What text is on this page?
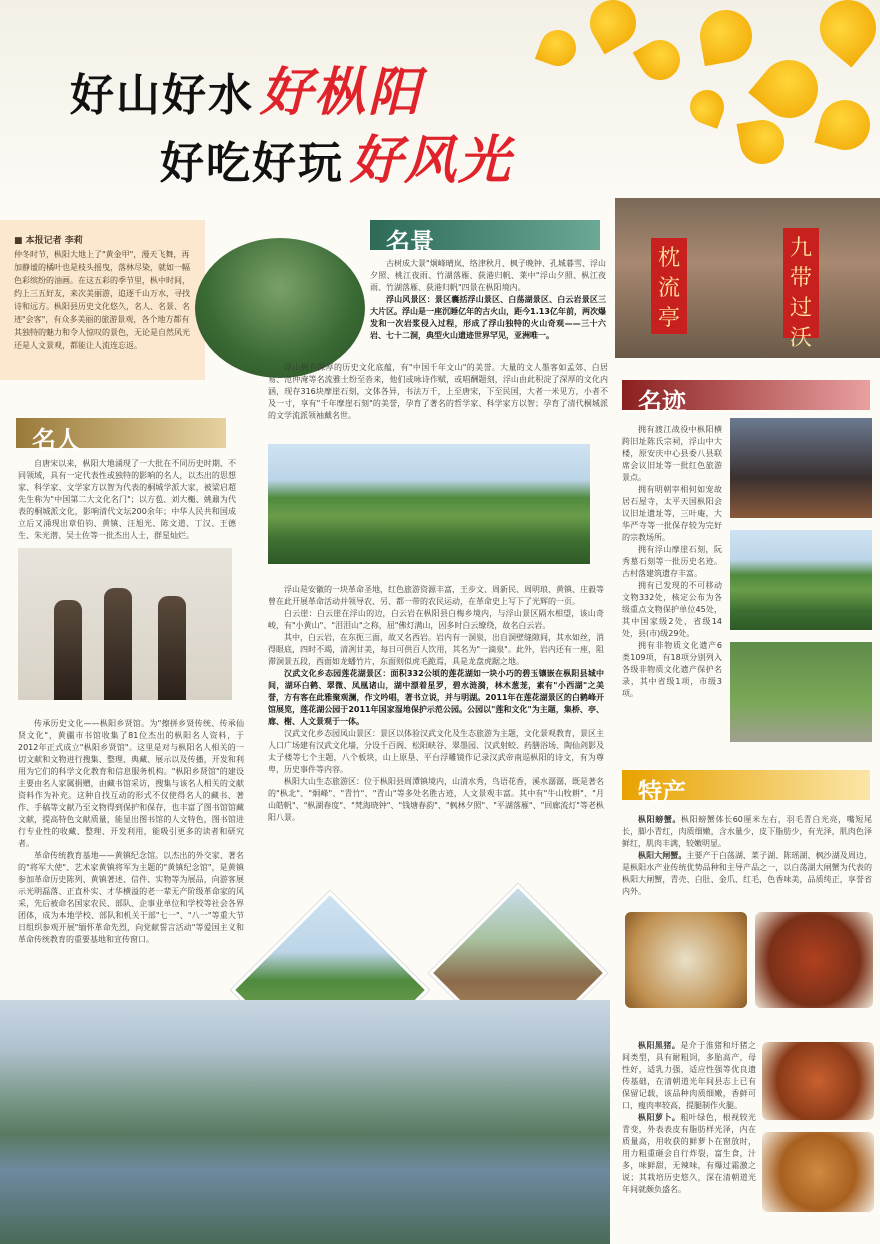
好山好水 好枞阳
好吃好玩 好风光
■ 本报记者 李莉
仲冬时节，枞阳大地上了"黄金甲"，漫天飞舞，再加静谧的橘叶也是枝头摇曳，落林尽染，就如一幅色彩缤纷的油画。在这五彩的季节里，枞中时间，约上三五好友，来次美丽游，追逐千山万水，寻找诗和远方。枞阳县历史文化悠久，名人、名景、名迹"会客"，有众多美丽的旅游景观，各个地方都有其独特的魅力和令人惊叹的景色，无论是自然风光还是人文景观，都能让人流连忘返。
名景

古树成大景"炯峰晴岚、络津秋月、枫子晚钟、孔城暮雪、浮山夕照、桃江夜雨、竹湖落雁、荻港归帆、莱中"浮山夕照、枞江夜雨、竹湖落雁、荻港归帆"四景在枞阳境内。

浮山风景区：景区囊括浮山景区、白荡湖景区、白云岩景区三大片区。浮山是一座沉睡亿年的古火山，距今1.13亿年前，两次爆发和一次岩浆侵入过程，形成了浮山独特的火山奇观——三十六岩、七十二洞，典型火山遗迹世界罕见，亚洲唯一。

浮山拥有深厚的历史文化底蕴，有"中国千年文山"的美誉。大量的文人墨客如孟郊、白居易、范仲淹等名流雅士纷至沓来，他们或咏诗作赋，或唱酬题刻，浮山由此积淀了深厚的文化内涵，现存316块摩崖石刻，文体各异，书法万千，上至唐宋，下至民国，大者一米见方，小者不及一寸，享有"千年摩崖石刻"的美誉，孕育了著名的哲学家、科学家方以智；孕育了清代桐城派的文学流派领袖戴名世。

浮山是安徽的一块革命圣地，红色旅游资源丰富，王步文、周新民、周明琅、黄镇、庄毅等曾在此开展革命活动并领导农、另、都一带的农民运动，在革命史上写下了光辉的一页。

白云崖：白云崖在浮山的边，白云岩在枞阳县白梅乡境内，与浮山景区隔水相望，该山奇峻，有"小黄山"、"泪泪山"之称，屈"佛灯满山，因多时白云缭绕，故名白云岩。

其中，白云岩，在东扼三面，故又名西岩。岩内有一洞泉，出自洞壁缝隙间，其水如丝，消得眼底，四时不竭，清冽甘美，每日可供百人饮用，其名为"一滴泉"。此外，岩内还有一座，阻滞洞景五段，西面如龙蟠竹片，东面则似虎毛跪焉，具是龙盘虎踞之地。

汉武文化乡态园莲花湖景区：面积332公顷的莲花湖如一块小巧的碧玉镶嵌在枞阳县城中间，湖环白鹤、翠微、凤凰诸山，湖中漂着星罗，碧水涟漪，林木葱茏，素有"小西湖"之美誉，方有客在此雅聚观澜，作文吟唱，著书立说，并与明湖。2011年在莲花湖景区的白鹤峰开馆展览，莲花湖公园于2011年国家湿地保护示范公园。公园以"莲和文化"为主题，集桥、亭、廊、榭、人文景观于一体。

汉武文化乡态园凤山景区：景区以体验汉武文化及生态旅游为主题，文化景观教育，景区主人口广场建有汉武文化墙，分设千百阁、松阳峡谷、翠墨园、汉武射蛟、药膳浴场、陶仙剑影及太子楼等七个主题，八个板块，山上原垦、平台浮雕镜作记录汉武帝南巡枞阳的诗文，有为尊卑，历史事件等内容。

枞阳大山生态旅游区：位于枞阳县周潭镇境内，山清水秀，鸟语花香，溪水潺潺，既是著名的"枞北"、"炯峰"、"青竹"、"青山"等多处名胜古迹，人文景观丰富。其中有"牛山牧耕"、"月山皓帆"、"枞湖春度"、"梵海晓钟"、"钱塘春韵"、"枫林夕照"、"平湖落雁"、"回廊流灯"等老枞阳八景。

名人

自唐宋以来，枞阳大地涌现了一大批在不同历史时期、不同领域，具有一定代表性或独特的影响的名人，以杰出的思想家、科学家、文学家方以智为代表的桐城学派大家，被梁启超先生称为"中国第二大文化名门"；以方苞、刘大櫆、姚鼐为代表的桐城派文化，影响清代文坛200余年；中华人民共和国成立后又涌现出章伯钧、黄镇、汪旭光、陈文道、丁汉、王德生、朱光潜、吴士佐等一批杰出人士，群星灿烂。

传承历史文化——枞阳乡贤馆。为"擦拼乡贤传统、传承仙贤文化"，黄疆市书馆收集了81位杰出的枞阳名人资料，于2012年正式成立"枞阳乡贤馆"。这里是对与枞阳名人相关的一切文献和文物进行搜集、整理、典藏、展示以及传播，开发和利用为它们的科学文化教育和信息服务机构。"枞阳乡贤馆"的建设主要由名人家属捐赠，由藏书馆采访，搜集与该名人相关的文献资料作为补充。这种自找互动的形式不仅使得名人的藏书、著作、手稿等文献乃至文物得到保护和保存，也丰富了图书馆馆藏文献，提高特色文献质量，能显出图书馆的人文特色，图书馆进行专业性的收藏、整理、开发利用，能吸引更多的读者和研究者。

革命传统教育基地——黄镇纪念馆。以杰出的外交家、著名的"将军大使"、艺术家黄镇将军为主题的"黄镇纪念馆"，是黄镇参加革命历史陈列、黄镇著述、信件、实物等为展品，向游客展示光明磊落、正直朴实、才华横溢的老一辈无产阶级革命家的风采，先后被命名国家农民、部队、企事业单位和学校等社会各界团体，成为本地学校、部队和机关干部"七一"、"八一"等重大节日组织参观开展"缅怀革命先烈，向党献誓言活动"等爱国主义和革命传统教育的重要基地和宣传窗口。

枕流亭
九带过沃
名迹

拥有渡江战役中枞阳横跨旧址陈氏宗祠，浮山中大楼，原安庆中心县委八县联席会议旧址等一批红色旅游景点。

拥有明朝宰相何如宠故居石屋寺，太平天国枞阳会议旧址遗址等，三叶庵，大华严寺等一批保存较为完好的宗教场所。

拥有浮山摩崖石刻，阮秀墓石刻等一批历史名迹。古村落建筑遗存丰富。

拥有已发现的不可移动文物332处，核定公布为各级重点文物保护单位45处，其中国家级2处，省级14处，县(市)级29处。

拥有非物质文化遗产6类109项，有18项分别列入各级非物质文化遗产保护名录，其中省级1项，市级3项。

特产

枞阳螃蟹。枞阳螃蟹体长60厘米左右，羽毛青白光亮，嘴短尾长，脚小青红，肉质细嫩，含水量少，皮下脂肪少，有光泽，肌肉色泽鲜红，肌肉丰满，较嫩明显。

枞阳大闸蟹。主要产于白荡湖、菜子湖、陈瑶湖、枫沙湖及周边，是枞阳水产业传统优势品种和主导产品之一，以白荡湖大闸蟹为代表的枞阳大闸蟹，青壳、白肚、金爪、红毛，色香味美，品质纯正，享誉省内外。

枞阳黑猪。是介于淮猪和圩猪之间类型，具有耐粗饲，多胎高产，母性好，适乳力强，适应性强等优良遗传基础，在清朝道光年间县志上已有保留记载，该品种肉质细嫩，香鲜可口，瘦肉率较高，提腿制作火腿。

枞阳萝卜。粗叶绿色，根视较光青变，外表表皮有脂肪样光泽，内在质量高，用收获的鲜萝卜在窗放时，用力粗重砸会自行炸裂，富生食，汁多，味鲜甜，无辣味，有爆过霜激之说；其栽培历史悠久，深在清朝道光年间就颇负盛名。
